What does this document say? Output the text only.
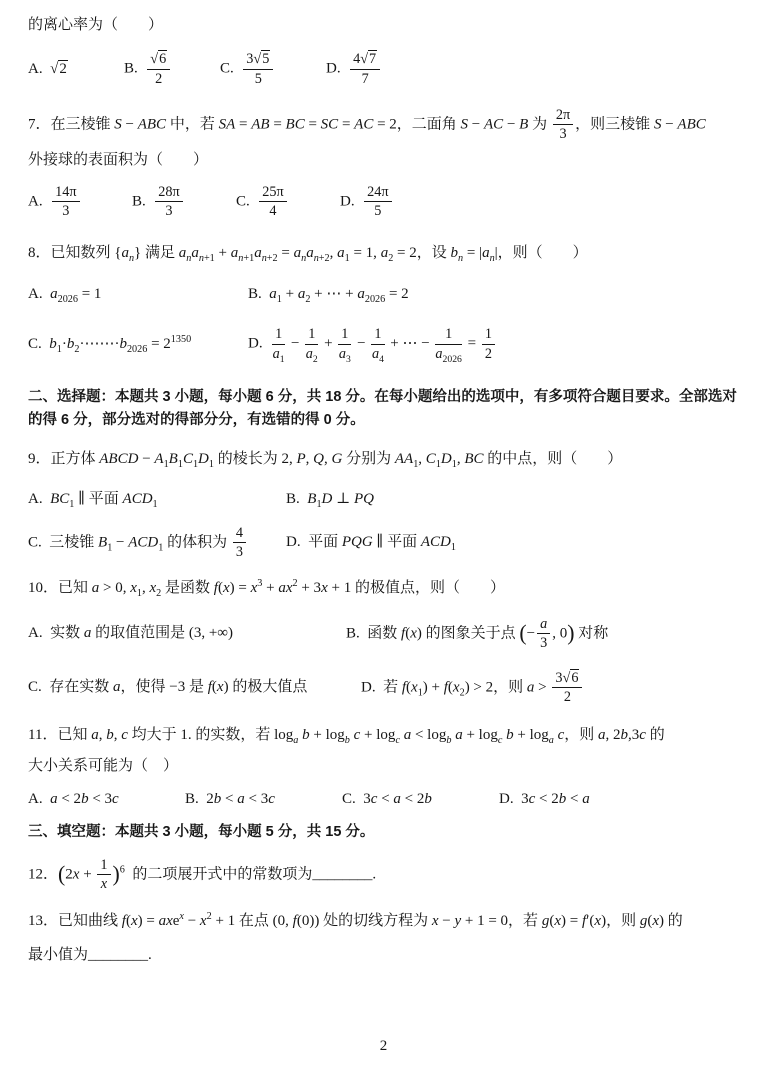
的离心率为（  ）

A. √2	B.  $\frac{√6}{2}$	C.  $\frac{3√5}{5}$	D.  $\frac{4√7}{7}$

7．在三棱锥 S − ABC 中，若 SA = AB = BC = SC = AC = 2，二面角 S − AC − B 为 $\frac{2\pi}{3}$ ，则三棱锥 S − ABC

外接球的表面积为（  ）

A.  $\frac{14\pi}{3}$	B.  $\frac{28\pi}{3}$	C.  $\frac{25\pi}{4}$	D.  $\frac{24\pi}{5}$

8．已知数列 $\{a_n\}$ 满足 $a_na_{n+1} + a_{n+1}a_{n+2} = a_na_{n+2}$, $a_1 = 1$, $a_2 = 2$，设 $b_n = |a_n|$，则（  ）

A. $a_{2026} = 1$	B. $a_1 + a_2$ + ⋯ + $a_{2026} = 2$

C. $b_1\cdot b_2\cdot\cdots\cdots\cdot b_{2026} = 2^{1350}$	D.  $\frac{1}{a_1} - \frac{1}{a_2} + \frac{1}{a_3} - \frac{1}{a_4}$ + ⋯ − $\frac{1}{a_{2026}} = \frac{1}{2}$

二、选择题：本题共 3 小题，每小题 6 分，共 18 分。在每小题给出的选项中，有多项符合题目要求。全部选对的得 6 分，部分选对的得部分分，有选错的得 0 分。

9．正方体 ABCD − $A_1B_1C_1D_1$ 的棱长为 2, P, Q, G 分别为 $AA_1$, $C_1D_1$, BC 的中点，则（  ）

A. $BC_1$ ∥ 平面 $ACD_1$	B. $B_1D$ ⊥ PQ

C. 三棱锥 $B_1 - ACD_1$ 的体积为 $\frac{4}{3}$	D. 平面 PQG ∥ 平面 $ACD_1$

10．已知 a > 0, $x_1$, $x_2$ 是函数 $f(x) = x^3 + ax^2 + 3x + 1$ 的极值点，则（  ）

A. 实数 a 的取值范围是 (3, +∞)	B. 函数 f(x) 的图象关于点 (− $\frac{a}{3}$ , 0) 对称

C. 存在实数 a，使得 −3 是 f(x) 的极大值点	D. 若 $f(x_1) + f(x_2) > 2$，则 $a > \frac{3√6}{2}$

11．已知 a, b, c 均大于 1. 的实数，若 $\log_a b + \log_b c + \log_c a < \log_b a + \log_c b + \log_a c$，则 a, 2b,3c 的

大小关系可能为（ ）

A. a < 2b < 3c	B. 2b < a < 3c	C. 3c < a < 2b	D. 3c < 2b < a

三、填空题：本题共 3 小题，每小题 5 分，共 15 分。

12．$(2x + \frac{1}{x} )^6$ 的二项展开式中的常数项为________.

13．已知曲线 $f(x) = axe^x - x^2 + 1$ 在点 (0, f(0)) 处的切线方程为 x − y + 1 = 0，若 g(x) = f′(x)，则 g(x) 的

最小值为________.

2
